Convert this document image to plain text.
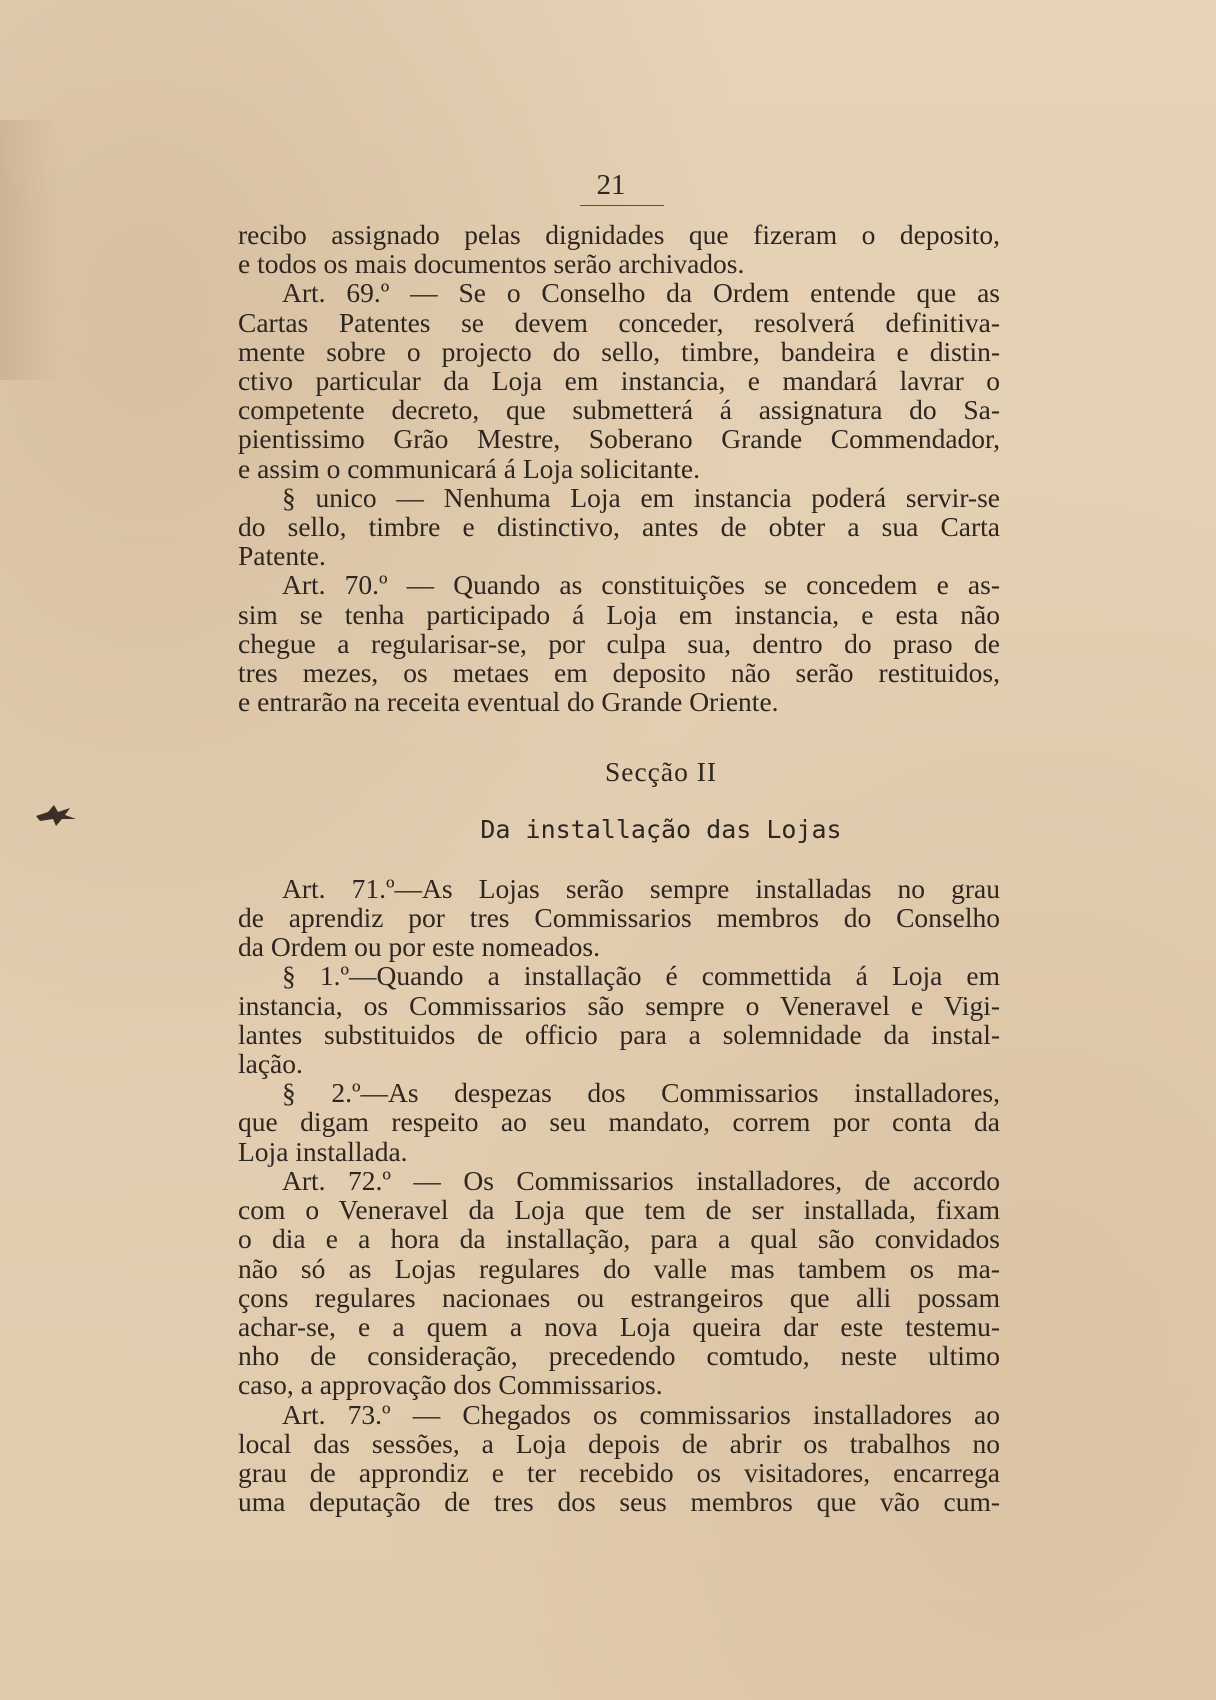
21
recibo assignado pelas dignidades que fizeram o deposito,
e todos os mais documentos serão archivados.
Art. 69.º — Se o Conselho da Ordem entende que as
Cartas Patentes se devem conceder, resolverá definitiva-
mente sobre o projecto do sello, timbre, bandeira e distin-
ctivo particular da Loja em instancia, e mandará lavrar o
competente decreto, que submetterá á assignatura do Sa-
pientissimo Grão Mestre, Soberano Grande Commendador,
e assim o communicará á Loja solicitante.
§ unico — Nenhuma Loja em instancia poderá servir-se
do sello, timbre e distinctivo, antes de obter a sua Carta
Patente.
Art. 70.º — Quando as constituições se concedem e as-
sim se tenha participado á Loja em instancia, e esta não
chegue a regularisar-se, por culpa sua, dentro do praso de
tres mezes, os metaes em deposito não serão restituidos,
e entrarão na receita eventual do Grande Oriente.
Secção II
Da installação das Lojas
Art. 71.º—As Lojas serão sempre installadas no grau
de aprendiz por tres Commissarios membros do Conselho
da Ordem ou por este nomeados.
§ 1.º—Quando a installação é commettida á Loja em
instancia, os Commissarios são sempre o Veneravel e Vigi-
lantes substituidos de officio para a solemnidade da instal-
lação.
§ 2.º—As despezas dos Commissarios installadores,
que digam respeito ao seu mandato, correm por conta da
Loja installada.
Art. 72.º — Os Commissarios installadores, de accordo
com o Veneravel da Loja que tem de ser installada, fixam
o dia e a hora da installação, para a qual são convidados
não só as Lojas regulares do valle mas tambem os ma-
çons regulares nacionaes ou estrangeiros que alli possam
achar-se, e a quem a nova Loja queira dar este testemu-
nho de consideração, precedendo comtudo, neste ultimo
caso, a approvação dos Commissarios.
Art. 73.º — Chegados os commissarios installadores ao
local das sessões, a Loja depois de abrir os trabalhos no
grau de approndiz e ter recebido os visitadores, encarrega
uma deputação de tres dos seus membros que vão cum-
